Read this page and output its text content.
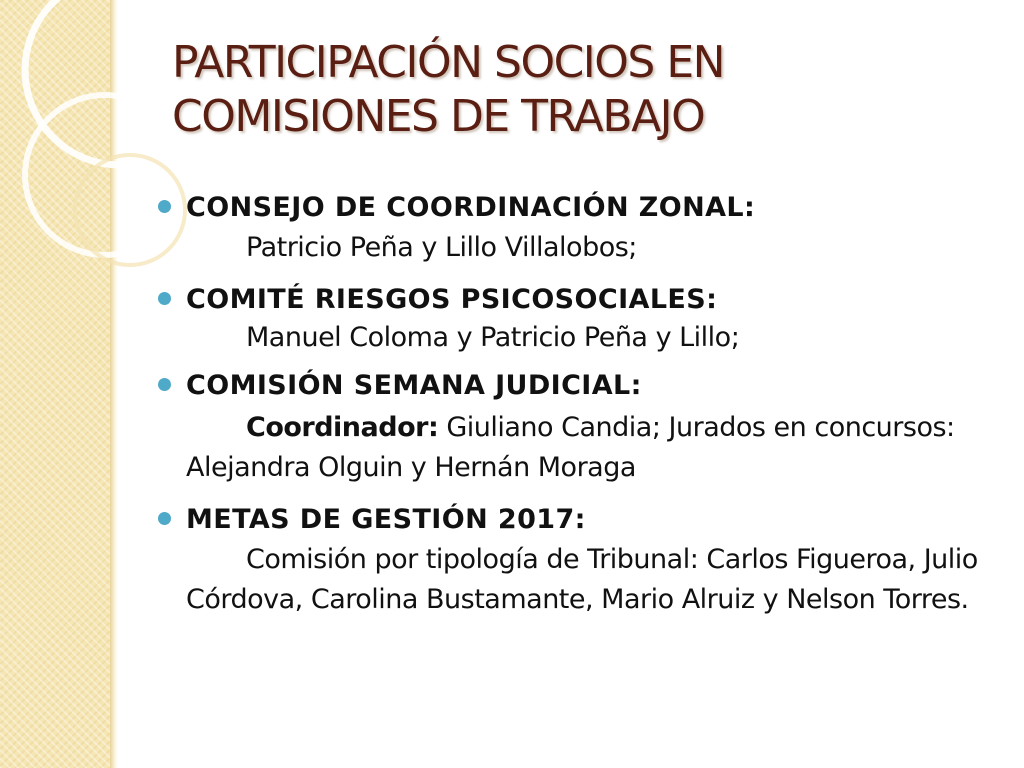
PARTICIPACIÓN SOCIOS EN
COMISIONES DE TRABAJO
CONSEJO DE COORDINACIÓN ZONAL:
Patricio Peña y Lillo Villalobos;
COMITÉ RIESGOS PSICOSOCIALES:
Manuel Coloma y Patricio Peña y Lillo;
COMISIÓN SEMANA JUDICIAL:
Coordinador: Giuliano Candia; Jurados en concursos: Alejandra Olguin y Hernán Moraga
METAS DE GESTIÓN 2017:
Comisión por tipología de Tribunal: Carlos Figueroa, Julio Córdova, Carolina Bustamante, Mario Alruiz y Nelson Torres.
